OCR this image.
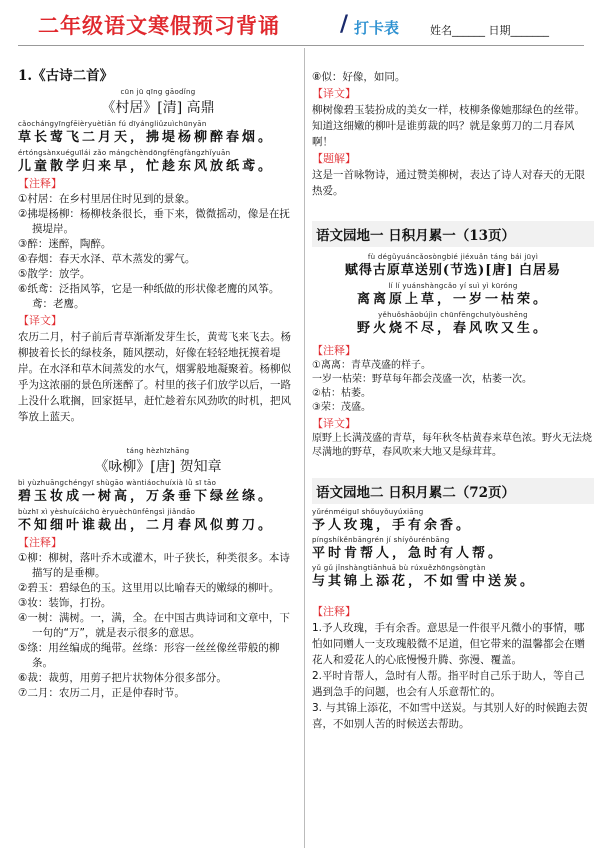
二年级语文寒假预习背诵	/ 打卡表	姓名______ 日期_______
1.《古诗二首》
cūn jū qīng gāodǐng
《村居》[清] 高鼎
cǎochángyīngfēièryuètiān fú dīyánɡliǔzuìchūnyān
草长莺飞二月天，拂堤杨柳醉春烟。
értónɡsànxuéɡuīlái zǎo mánɡchèndōnɡfēnɡfànɡzhǐyuān
儿童散学归来早，忙趁东风放纸鸢。
【注释】
①村居：在乡村里居住时见到的景象。
②拂堤杨柳：杨柳枝条很长，垂下来，微微摇动，像是在抚摸堤岸。
③醉：迷醉，陶醉。
④春烟：春天水泽、草木蒸发的雾气。
⑤散学：放学。
⑥纸鸢：泛指风筝，它是一种纸做的形状像老鹰的风筝。鸢：老鹰。
【译文】
农历二月，村子前后青草渐渐发芽生长，黄莺飞来飞去。杨柳披着长长的绿枝条，随风摆动，好像在轻轻地抚摸着堤岸。在水泽和草木间蒸发的水气，烟雾般地凝聚着。杨柳似乎为这浓丽的景色所迷醉了。村里的孩子们放学以后，一路上没什么耽搁，回家挺早，赶忙趁着东风劲吹的时机，把风筝放上蓝天。
táng hèzhīzhāng
《咏柳》[唐] 贺知章
bì yùzhuānɡchénɡyī shùɡāo wàntiáochuíxià lǜ sī tāo
碧玉妆成一树高，万条垂下绿丝绦。
bùzhī xì yèshuícáichū èryuèchūnfēnɡsì jiǎndāo
不知细叶谁裁出，二月春风似剪刀。
【注释】
①柳：柳树，落叶乔木或灌木，叶子狭长，种类很多。本诗描写的是垂柳。
②碧玉：碧绿色的玉。这里用以比喻春天的嫩绿的柳叶。
③妆：装饰，打扮。
④一树：满树。一，满，全。在中国古典诗词和文章中，下一句的“万”，就是表示很多的意思。
⑤绦：用丝编成的绳带。丝绦：形容一丝丝像丝带般的柳条。
⑥裁：裁剪，用剪子把片状物体分很多部分。
⑦二月：农历二月，正是仲春时节。
⑧似：好像，如同。
【译文】
柳树像碧玉装扮成的美女一样，枝柳条像她那绿色的丝带。知道这细嫩的柳叶是谁剪裁的吗？就是象剪刀的二月春风啊！
【题解】
这是一首咏物诗，通过赞美柳树，表达了诗人对春天的无限热爱。
语文园地一 日积月累一（13页）
fù déɡǔyuáncǎosònɡbié jiéxuǎn tánɡ bái jūyì
赋得古原草送别(节选)[唐] 白居易
lí lí yuánshànɡcǎo yí suì yì kūrónɡ
离离原上草，一岁一枯荣。
yěhuǒshāobújìn chūnfēnɡchuīyòushēnɡ
野火烧不尽，春风吹又生。
【注释】
①离离：青草茂盛的样子。
一岁一枯荣：野草每年都会茂盛一次，枯萎一次。
②枯：枯萎。
③荣：茂盛。
【译文】
原野上长满茂盛的青草，每年秋冬枯黄春来草色浓。野火无法烧尽满地的野草，春风吹来大地又是绿茸茸。
语文园地二 日积月累二（72页）
yǔrénméiɡuī shǒuyǒuyúxiānɡ
予人玫瑰，手有余香。
pínɡshíkěnbānɡrén jí shíyǒurénbānɡ
平时肯帮人，急时有人帮。
yǔ ɡǔ jǐnshànɡtiānhuā bù rúxuězhōnɡsònɡtàn
与其锦上添花，不如雪中送炭。
【注释】
1.予人玫瑰，手有余香。意思是一件很平凡微小的事情，哪怕如同赠人一支玫瑰般微不足道，但它带来的温馨都会在赠花人和爱花人的心底慢慢升腾、弥漫、覆盖。
2.平时肯帮人，急时有人帮。指平时自己乐于助人，等自己遇到急手的问题，也会有人乐意帮忙的。
3. 与其锦上添花，不如雪中送炭。与其别人好的时候跑去贺喜，不如别人苦的时候送去帮助。
